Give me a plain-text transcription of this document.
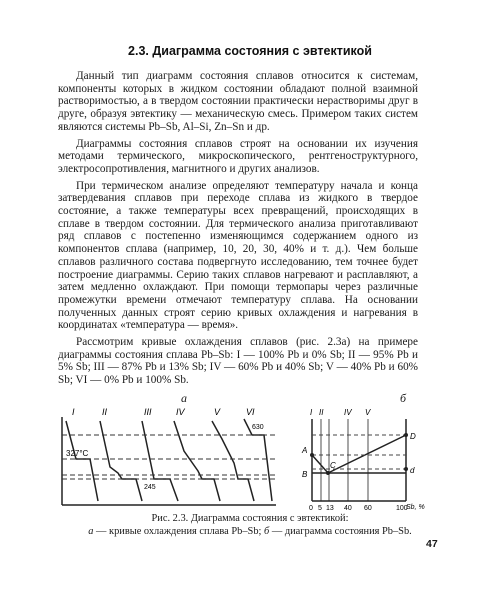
2.3. Диаграмма состояния с эвтектикой

Данный тип диаграмм состояния сплавов относится к системам, компоненты которых в жидком состоянии обладают полной взаимной растворимостью, а в твердом состоянии практически нерастворимы друг в друге, образуя эвтектику — механическую смесь. Примером таких систем являются системы Pb–Sb, Al–Si, Zn–Sn и др.

Диаграммы состояния сплавов строят на основании их изучения методами термического, микроскопического, рентгеноструктурного, электросопротивления, магнитного и других анализов.

При термическом анализе определяют температуру начала и конца затвердевания сплавов при переходе сплава из жидкого в твердое состояние, а также температуры всех превращений, происходящих в сплаве в твердом состоянии. Для термического анализа приготавливают ряд сплавов с постепенно изменяющимся содержанием одного из компонентов сплава (например, 10, 20, 30, 40% и т. д.). Чем больше сплавов различного состава подвергнуто исследованию, тем точнее будет построение диаграммы. Серию таких сплавов нагревают и расплавляют, а затем медленно охлаждают. При помощи термопары через различные промежутки времени отмечают температуру сплава. На основании полученных данных строят серию кривых охлаждения и нагревания в координатах «температура — время».

Рассмотрим кривые охлаждения сплавов (рис. 2.3а) на примере диаграммы состояния сплава Pb–Sb: I — 100% Pb и 0% Sb; II — 95% Pb и 5% Sb; III — 87% Pb и 13% Sb; IV — 60% Pb и 40% Sb; V — 40% Pb и 60% Sb; VI — 0% Pb и 100% Sb.

а	б
327°C
245
630
I	II	III	IV	V	VI
A
B
C
D
d
I II	IV V
0 5 13 40 60	100
Sb, %
Рис. 2.3. Диаграмма состояния с эвтектикой:
а — кривые охлаждения сплава Pb–Sb; б — диаграмма состояния Pb–Sb.
47
